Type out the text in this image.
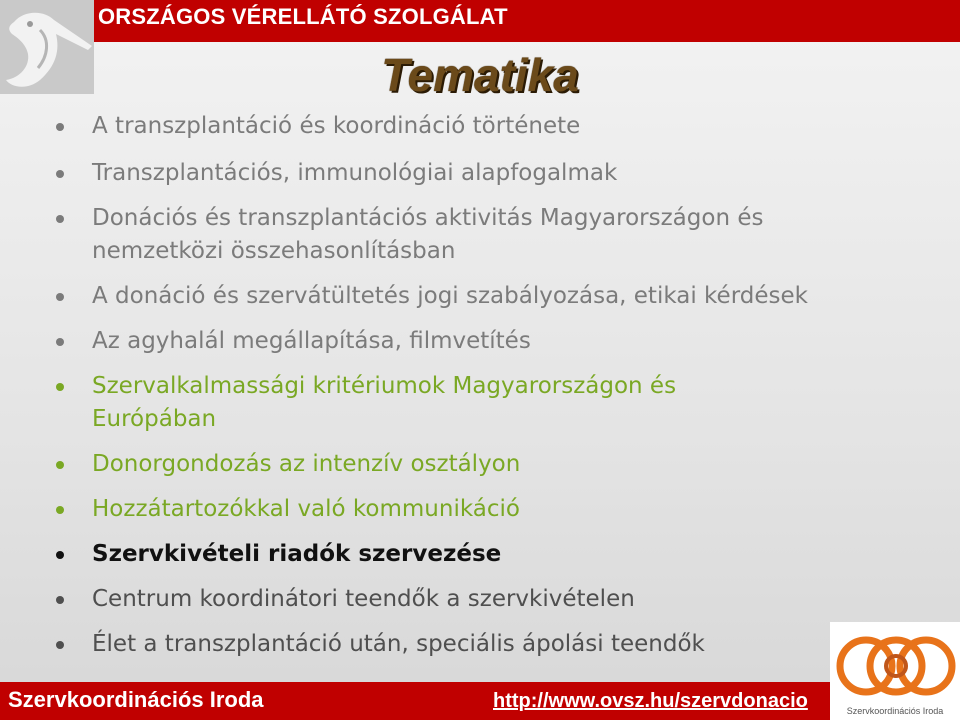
ORSZÁGOS VÉRELLÁTÓ SZOLGÁLAT
Tematika
A transzplantáció és koordináció története
Transzplantációs, immunológiai alapfogalmak
Donációs és transzplantációs aktivitás Magyarországon és
nemzetközi összehasonlításban
A donáció és szervátültetés jogi szabályozása, etikai kérdések
Az agyhalál megállapítása, filmvetítés
Szervalkalmassági kritériumok Magyarországon és
Európában
Donorgondozás az intenzív osztályon
Hozzátartozókkal való kommunikáció
Szervkivételi riadók szervezése
Centrum koordinátori teendők a szervkivételen
Élet a transzplantáció után, speciális ápolási teendők
Szervkoordinációs Iroda	http://www.ovsz.hu/szervdonacio	Szervkoordinációs Iroda
